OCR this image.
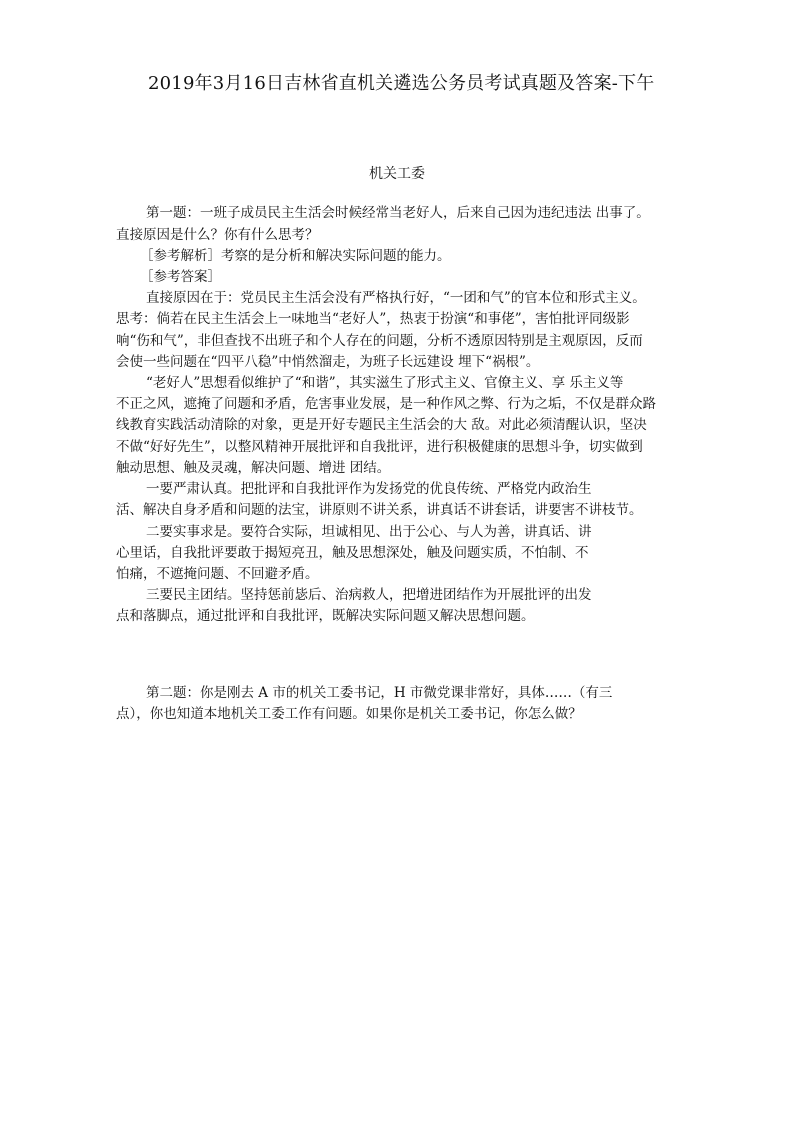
2019年3月16日吉林省直机关遴选公务员考试真题及答案-下午
机关工委
第一题：一班子成员民主生活会时候经常当老好人，后来自己因为违纪违法 出事了。
直接原因是什么？你有什么思考？
［参考解析］考察的是分析和解决实际问题的能力。
［参考答案］
直接原因在于：党员民主生活会没有严格执行好，“一团和气”的官本位和形式主义。
思考：倘若在民主生活会上一味地当“老好人”，热衷于扮演“和事佬”，害怕批评同级影
响“伤和气”，非但查找不出班子和个人存在的问题，分析不透原因特别是主观原因，反而
会使一些问题在“四平八稳”中悄然溜走，为班子长远建设 埋下“祸根”。
“老好人”思想看似维护了“和谐”，其实滋生了形式主义、官僚主义、享 乐主义等
不正之风，遮掩了问题和矛盾，危害事业发展，是一种作风之弊、行为之垢，不仅是群众路
线教育实践活动清除的对象，更是开好专题民主生活会的大 敌。对此必须清醒认识，坚决
不做“好好先生”，以整风精神开展批评和自我批评，进行积极健康的思想斗争，切实做到
触动思想、触及灵魂，解决问题、增进 团结。
一要严肃认真。把批评和自我批评作为发扬党的优良传统、严格党内政治生
活、解决自身矛盾和问题的法宝，讲原则不讲关系，讲真话不讲套话，讲要害不讲枝节。
二要实事求是。要符合实际，坦诚相见、出于公心、与人为善，讲真话、讲
心里话，自我批评要敢于揭短亮丑，触及思想深处，触及问题实质，不怕制、不
怕痛，不遮掩问题、不回避矛盾。
三要民主团结。坚持惩前毖后、治病救人，把增进团结作为开展批评的出发
点和落脚点，通过批评和自我批评，既解决实际问题又解决思想问题。
第二题：你是刚去 A 市的机关工委书记，H 市微党课非常好，具体……（有三
点），你也知道本地机关工委工作有问题。如果你是机关工委书记，你怎么做？
